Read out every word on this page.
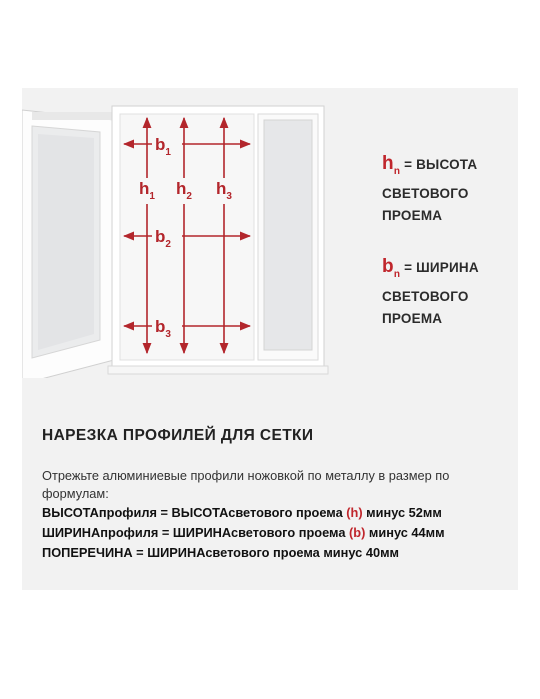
$b_1$
$b_2$
$b_3$
$h_1$ $h_2$ $h_3$
$h_n$ = ВЫСОТА
СВЕТОВОГО
ПРОЕМА
$b_n$ = ШИРИНА
СВЕТОВОГО
ПРОЕМА
НАРЕЗКА ПРОФИЛЕЙ ДЛЯ СЕТКИ
Отрежьте алюминиевые профили ножовкой по металлу в размер по формулам:
ВЫСОТАпрофиля = ВЫСОТАсветового проема (h) минус 52мм
ШИРИНАпрофиля = ШИРИНАсветового проема (b) минус 44мм
ПОПЕРЕЧИНА = ШИРИНАсветового проема минус 40мм
